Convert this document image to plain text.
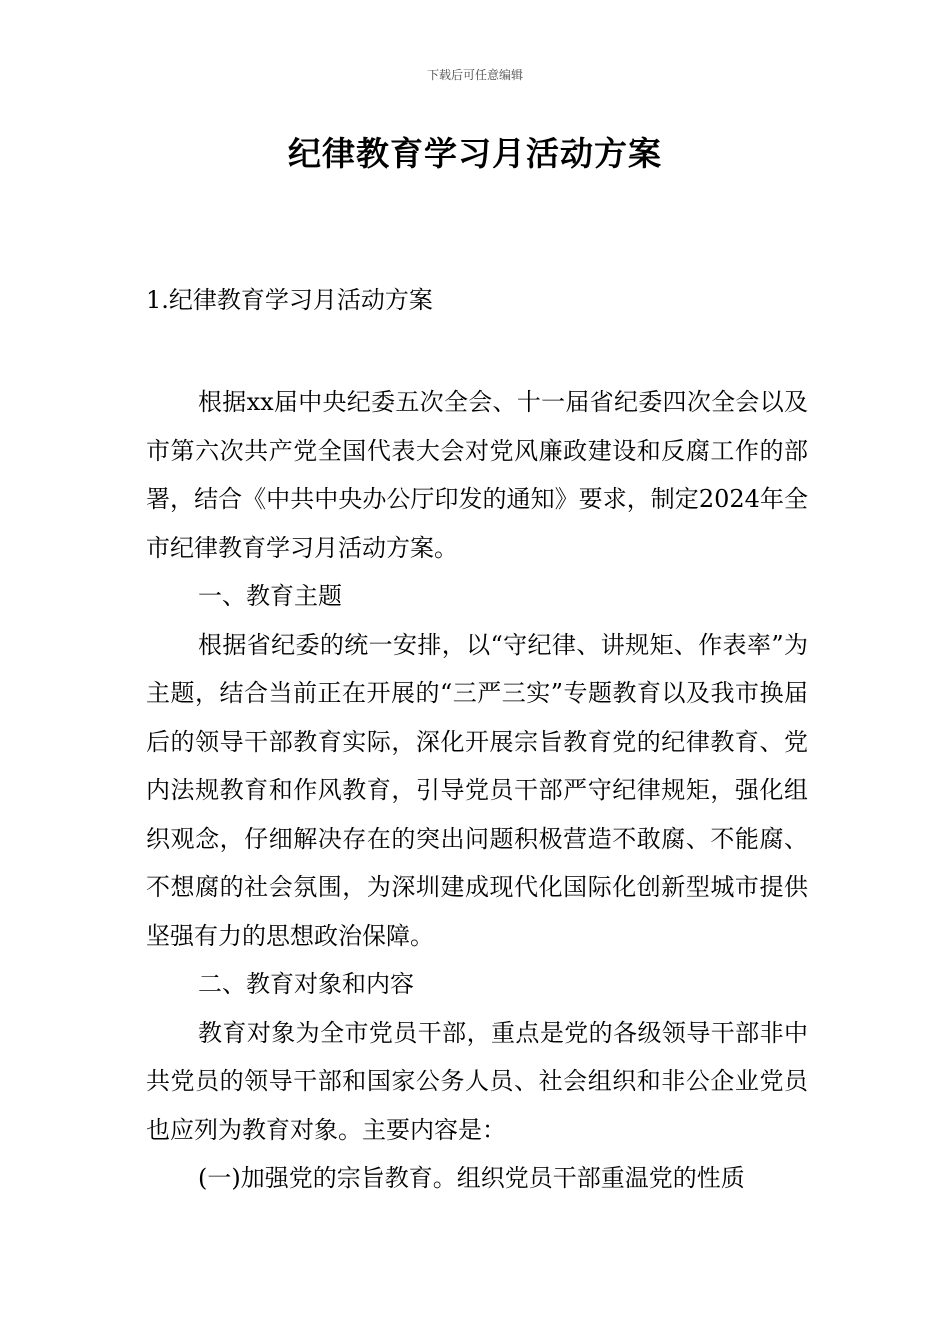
下载后可任意编辑
纪律教育学习月活动方案
1.纪律教育学习月活动方案

根据xx届中央纪委五次全会、十一届省纪委四次全会以及市第六次共产党全国代表大会对党风廉政建设和反腐工作的部署，结合《中共中央办公厅印发的通知》要求，制定2024年全市纪律教育学习月活动方案。

一、教育主题

根据省纪委的统一安排，以“守纪律、讲规矩、作表率”为主题，结合当前正在开展的“三严三实”专题教育以及我市换届后的领导干部教育实际，深化开展宗旨教育党的纪律教育、党内法规教育和作风教育，引导党员干部严守纪律规矩，强化组织观念，仔细解决存在的突出问题积极营造不敢腐、不能腐、不想腐的社会氛围，为深圳建成现代化国际化创新型城市提供坚强有力的思想政治保障。

二、教育对象和内容

教育对象为全市党员干部，重点是党的各级领导干部非中共党员的领导干部和国家公务人员、社会组织和非公企业党员也应列为教育对象。主要内容是：

(一)加强党的宗旨教育。组织党员干部重温党的性质
